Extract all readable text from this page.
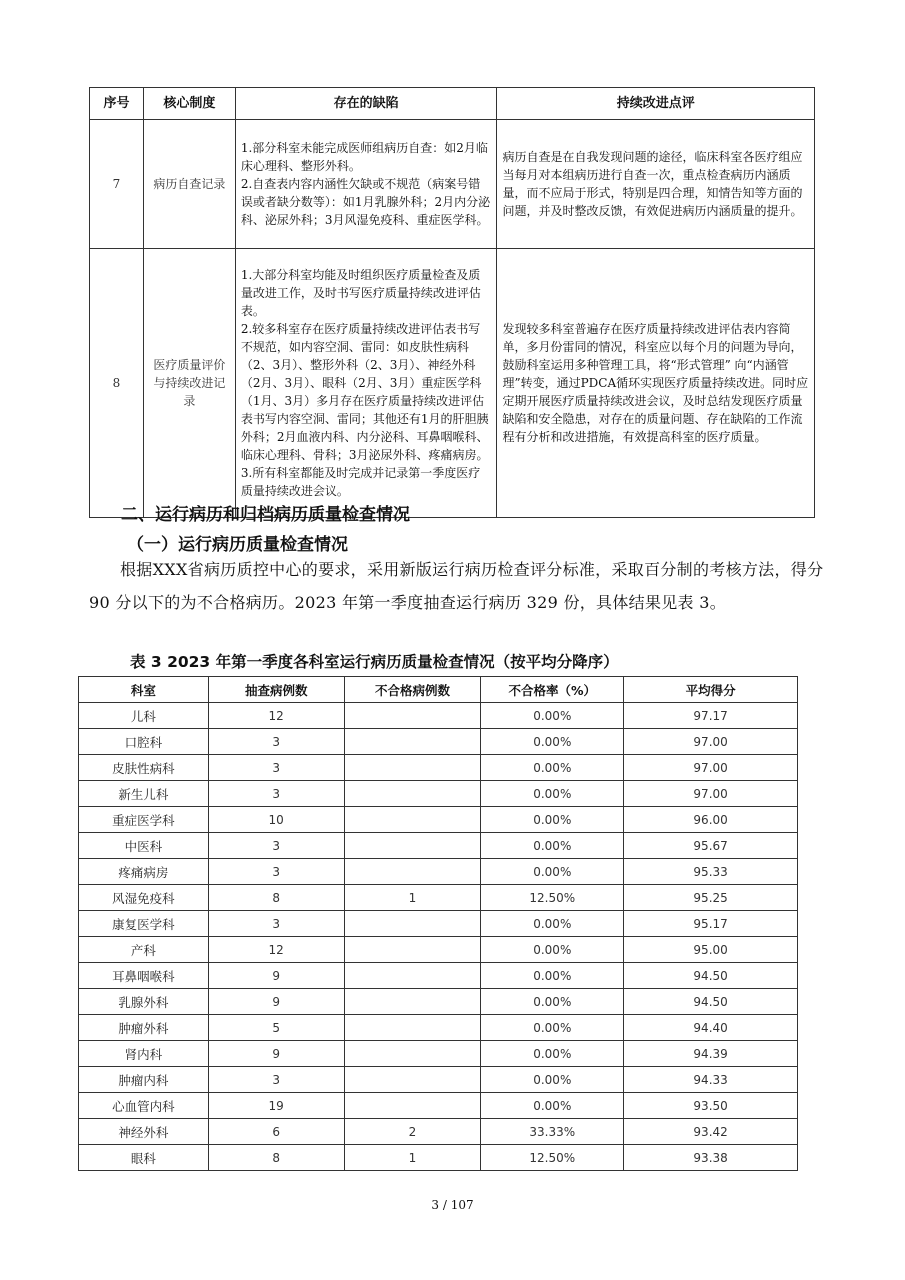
序号	核心制度	存在的缺陷	持续改进点评
7	病历自查记录	1.部分科室未能完成医师组病历自查：如2月临床心理科、整形外科。
2.自查表内容内涵性欠缺或不规范（病案号错误或者缺分数等）：如1月乳腺外科；2月内分泌科、泌尿外科；3月风湿免疫科、重症医学科。	病历自查是在自我发现问题的途径，临床科室各医疗组应当每月对本组病历进行自查一次，重点检查病历内涵质量，而不应局于形式，特别是四合理，知情告知等方面的问题，并及时整改反馈，有效促进病历内涵质量的提升。
8	医疗质量评价与持续改进记录	1.大部分科室均能及时组织医疗质量检查及质量改进工作，及时书写医疗质量持续改进评估表。
2.较多科室存在医疗质量持续改进评估表书写不规范，如内容空洞、雷同：如皮肤性病科（2、3月）、整形外科（2、3月）、神经外科（2月、3月）、眼科（2月、3月）重症医学科（1月、3月）多月存在医疗质量持续改进评估表书写内容空洞、雷同；其他还有1月的肝胆胰外科；2月血液内科、内分泌科、耳鼻咽喉科、临床心理科、骨科；3月泌尿外科、疼痛病房。
3.所有科室都能及时完成并记录第一季度医疗质量持续改进会议。	发现较多科室普遍存在医疗质量持续改进评估表内容简单，多月份雷同的情况，科室应以每个月的问题为导向，鼓励科室运用多种管理工具，将“形式管理” 向“内涵管理”转变，通过PDCA循环实现医疗质量持续改进。同时应定期开展医疗质量持续改进会议，及时总结发现医疗质量缺陷和安全隐患，对存在的质量问题、存在缺陷的工作流程有分析和改进措施，有效提高科室的医疗质量。
二、运行病历和归档病历质量检查情况
（一）运行病历质量检查情况

根据XXX省病历质控中心的要求，采用新版运行病历检查评分标准，采取百分制的考核方法，得分 90 分以下的为不合格病历。2023 年第一季度抽查运行病历 329 份，具体结果见表 3。

表 3 2023 年第一季度各科室运行病历质量检查情况（按平均分降序）

科室	抽查病例数	不合格病例数	不合格率（%）	平均得分
儿科	12		0.00%	97.17
口腔科	3		0.00%	97.00
皮肤性病科	3		0.00%	97.00
新生儿科	3		0.00%	97.00
重症医学科	10		0.00%	96.00
中医科	3		0.00%	95.67
疼痛病房	3		0.00%	95.33
风湿免疫科	8	1	12.50%	95.25
康复医学科	3		0.00%	95.17
产科	12		0.00%	95.00
耳鼻咽喉科	9		0.00%	94.50
乳腺外科	9		0.00%	94.50
肿瘤外科	5		0.00%	94.40
肾内科	9		0.00%	94.39
肿瘤内科	3		0.00%	94.33
心血管内科	19		0.00%	93.50
神经外科	6	2	33.33%	93.42
眼科	8	1	12.50%	93.38
3 / 107
